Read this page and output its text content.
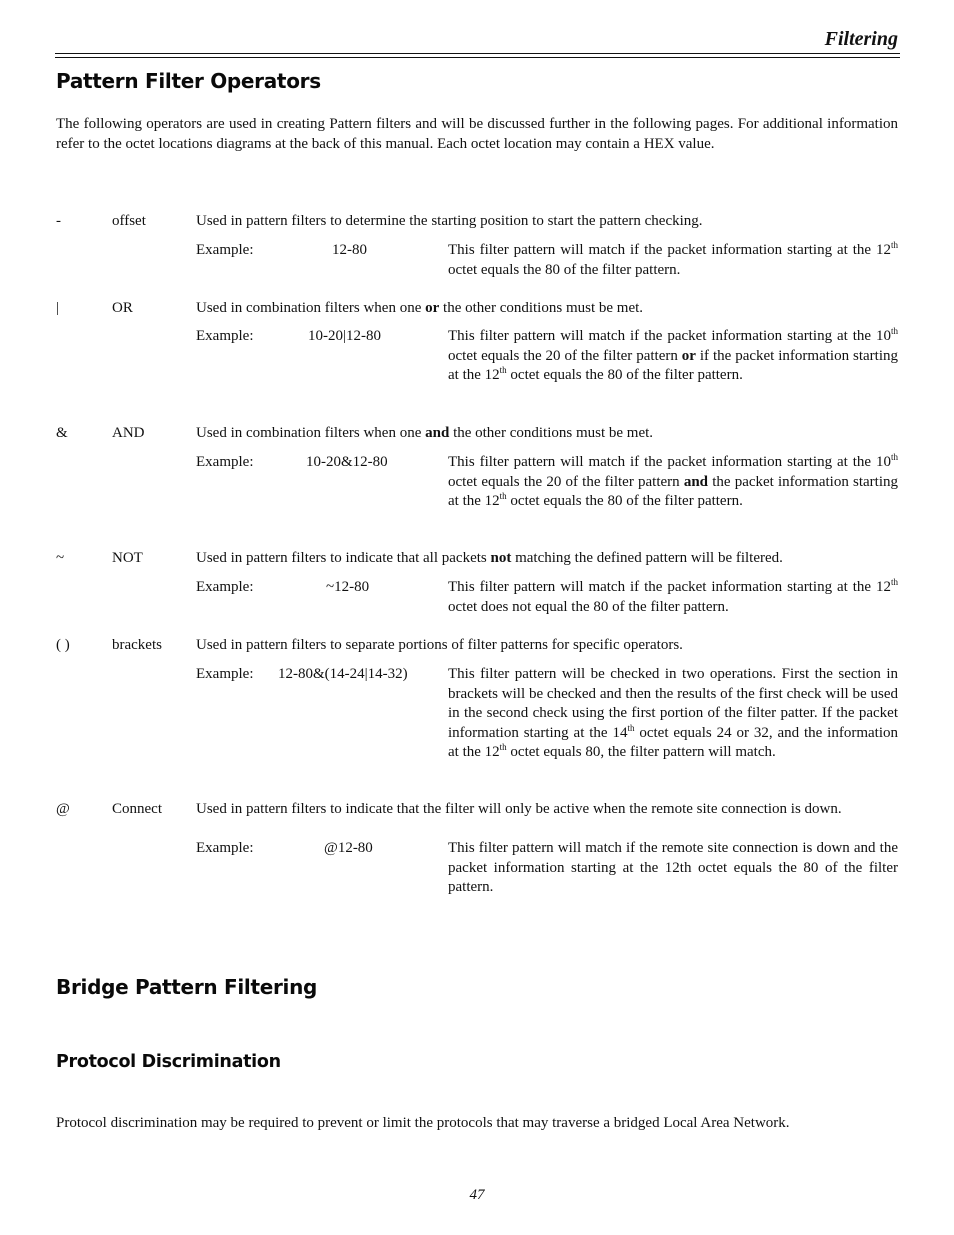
Filtering
Pattern Filter Operators
The following operators are used in creating Pattern filters and will be discussed further in the following pages. For additional information refer to the octet locations diagrams at the back of this manual. Each octet location may contain a HEX value.
-	offset	Used in pattern filters to determine the starting position to start the pattern checking.
Example:	12-80	This filter pattern will match if the packet information starting at the 12th octet equals the 80 of the filter pattern.
|	OR	Used in combination filters when one or the other conditions must be met.
Example:	10-20|12-80	This filter pattern will match if the packet information starting at the 10th octet equals the 20 of the filter pattern or if the packet information starting at the 12th octet equals the 80 of the filter pattern.
&	AND	Used in combination filters when one and the other conditions must be met.
Example:	10-20&12-80	This filter pattern will match if the packet information starting at the 10th octet equals the 20 of the filter pattern and the packet information starting at the 12th octet equals the 80 of the filter pattern.
~	NOT	Used in pattern filters to indicate that all packets not matching the defined pattern will be filtered.
Example:	~12-80	This filter pattern will match if the packet information starting at the 12th octet does not equal the 80 of the filter pattern.
( )	brackets	Used in pattern filters to separate portions of filter patterns for specific operators.
Example:	12-80&(14-24|14-32)	This filter pattern will be checked in two operations. First the section in brackets will be checked and then the results of the first check will be used in the second check using the first portion of the filter patter. If the packet information starting at the 14th octet equals 24 or 32, and the information at the 12th octet equals 80, the filter pattern will match.
@	Connect	Used in pattern filters to indicate that the filter will only be active when the remote site connection is down.
Example:	@12-80	This filter pattern will match if the remote site connection is down and the packet information starting at the 12th octet equals the 80 of the filter pattern.
Bridge Pattern Filtering
Protocol Discrimination
Protocol discrimination may be required to prevent or limit the protocols that may traverse a bridged Local Area Network.
47
